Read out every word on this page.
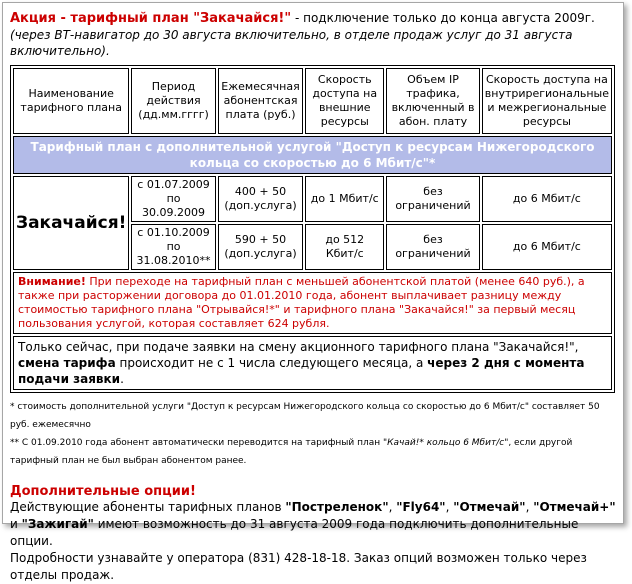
Акция - тарифный план "Закачайся!" - подключение только до конца августа 2009г.
(через ВТ-навигатор до 30 августа включительно, в отделе продаж услуг до 31 августа включительно).
Наименование тарифного плана	Период действия (дд.мм.гггг)	Ежемесячная абонентская плата (руб.)	Скорость доступа на внешние ресурсы	Объем IP трафика, включенный в абон. плату	Скорость доступа на внутрирегиональные и межрегиональные ресурсы
Тарифный план с дополнительной услугой "Доступ к ресурсам Нижегородского кольца со скоростью до 6 Мбит/c"*					
Закачайся!	с 01.07.2009 по 30.09.2009	400 + 50 (доп.услуга)	до 1 Мбит/с	без ограничений	до 6 Мбит/с
	с 01.10.2009 по 31.08.2010**	590 + 50 (доп.услуга)	до 512 Кбит/с	без ограничений	до 6 Мбит/с
Внимание! При переходе на тарифный план с меньшей абонентской платой (менее 640 руб.), а также при расторжении договора до 01.01.2010 года, абонент выплачивает разницу между стоимостью тарифного плана "Отрывайся!*" и тарифного плана "Закачайся!" за первый месяц пользования услугой, которая составляет 624 рубля.					
Только сейчас, при подаче заявки на смену акционного тарифного плана "Закачайся!", смена тарифа происходит не с 1 числа следующего месяца, а через 2 дня с момента подачи заявки.					
* стоимость дополнительной услуги "Доступ к ресурсам Нижегородского кольца со скоростью до 6 Мбит/с" составляет 50 руб. ежемесячно
** С 01.09.2010 года абонент автоматически переводится на тарифный план "Качай!* кольцо 6 Мбит/с", если другой тарифный план не был выбран абонентом ранее.
Дополнительные опции!
Действующие абоненты тарифных планов "Постреленок", "Fly64", "Отмечай", "Отмечай+" и "Зажигай" имеют возможность до 31 августа 2009 года подключить дополнительные опции.
Подробности узнавайте у оператора (831) 428-18-18. Заказ опций возможен только через отделы продаж.
